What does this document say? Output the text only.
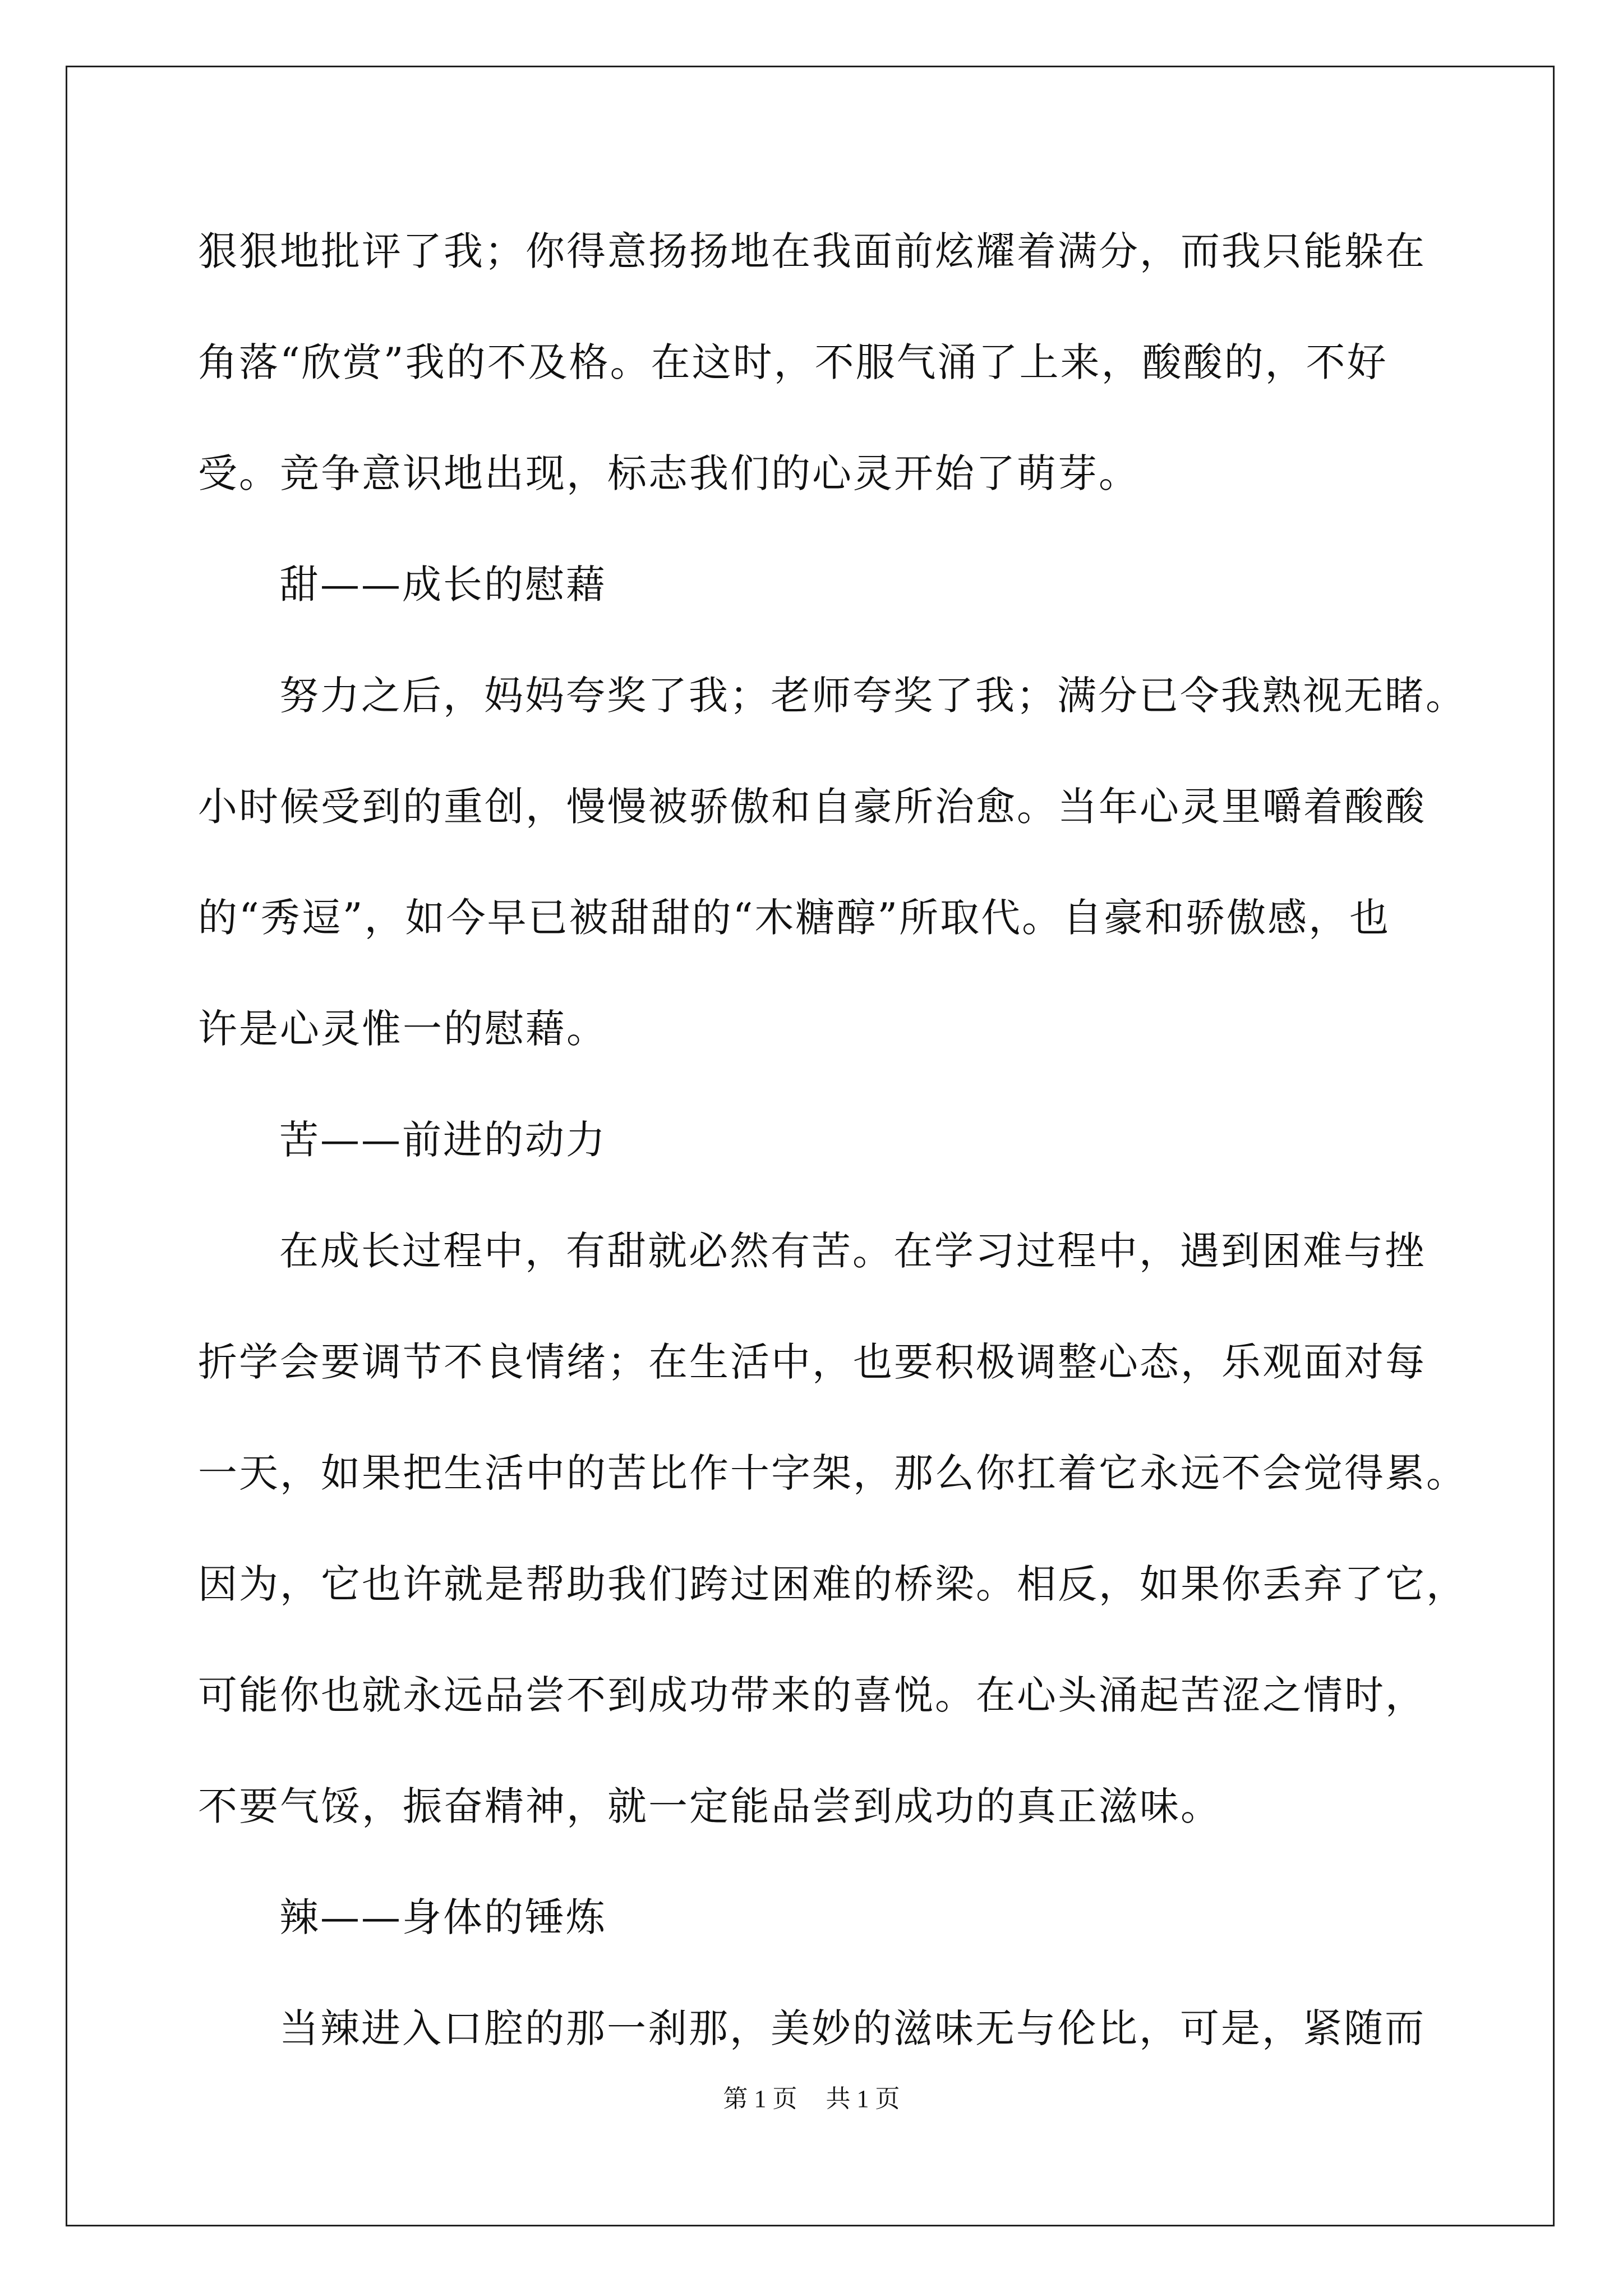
狠狠地批评了我；你得意扬扬地在我面前炫耀着满分，而我只能躲在
角落“欣赏”我的不及格。在这时，不服气涌了上来，酸酸的，不好
受。竞争意识地出现，标志我们的心灵开始了萌芽。
甜——成长的慰藉
努力之后，妈妈夸奖了我；老师夸奖了我；满分已令我熟视无睹。
小时候受到的重创，慢慢被骄傲和自豪所治愈。当年心灵里嚼着酸酸
的“秀逗”，如今早已被甜甜的“木糖醇”所取代。自豪和骄傲感，也
许是心灵惟一的慰藉。
苦——前进的动力
在成长过程中，有甜就必然有苦。在学习过程中，遇到困难与挫
折学会要调节不良情绪；在生活中，也要积极调整心态，乐观面对每
一天，如果把生活中的苦比作十字架，那么你扛着它永远不会觉得累。
因为，它也许就是帮助我们跨过困难的桥梁。相反，如果你丢弃了它，
可能你也就永远品尝不到成功带来的喜悦。在心头涌起苦涩之情时，
不要气馁，振奋精神，就一定能品尝到成功的真正滋味。
辣——身体的锤炼
当辣进入口腔的那一刹那，美妙的滋味无与伦比，可是，紧随而
第 1 页 共 1 页
